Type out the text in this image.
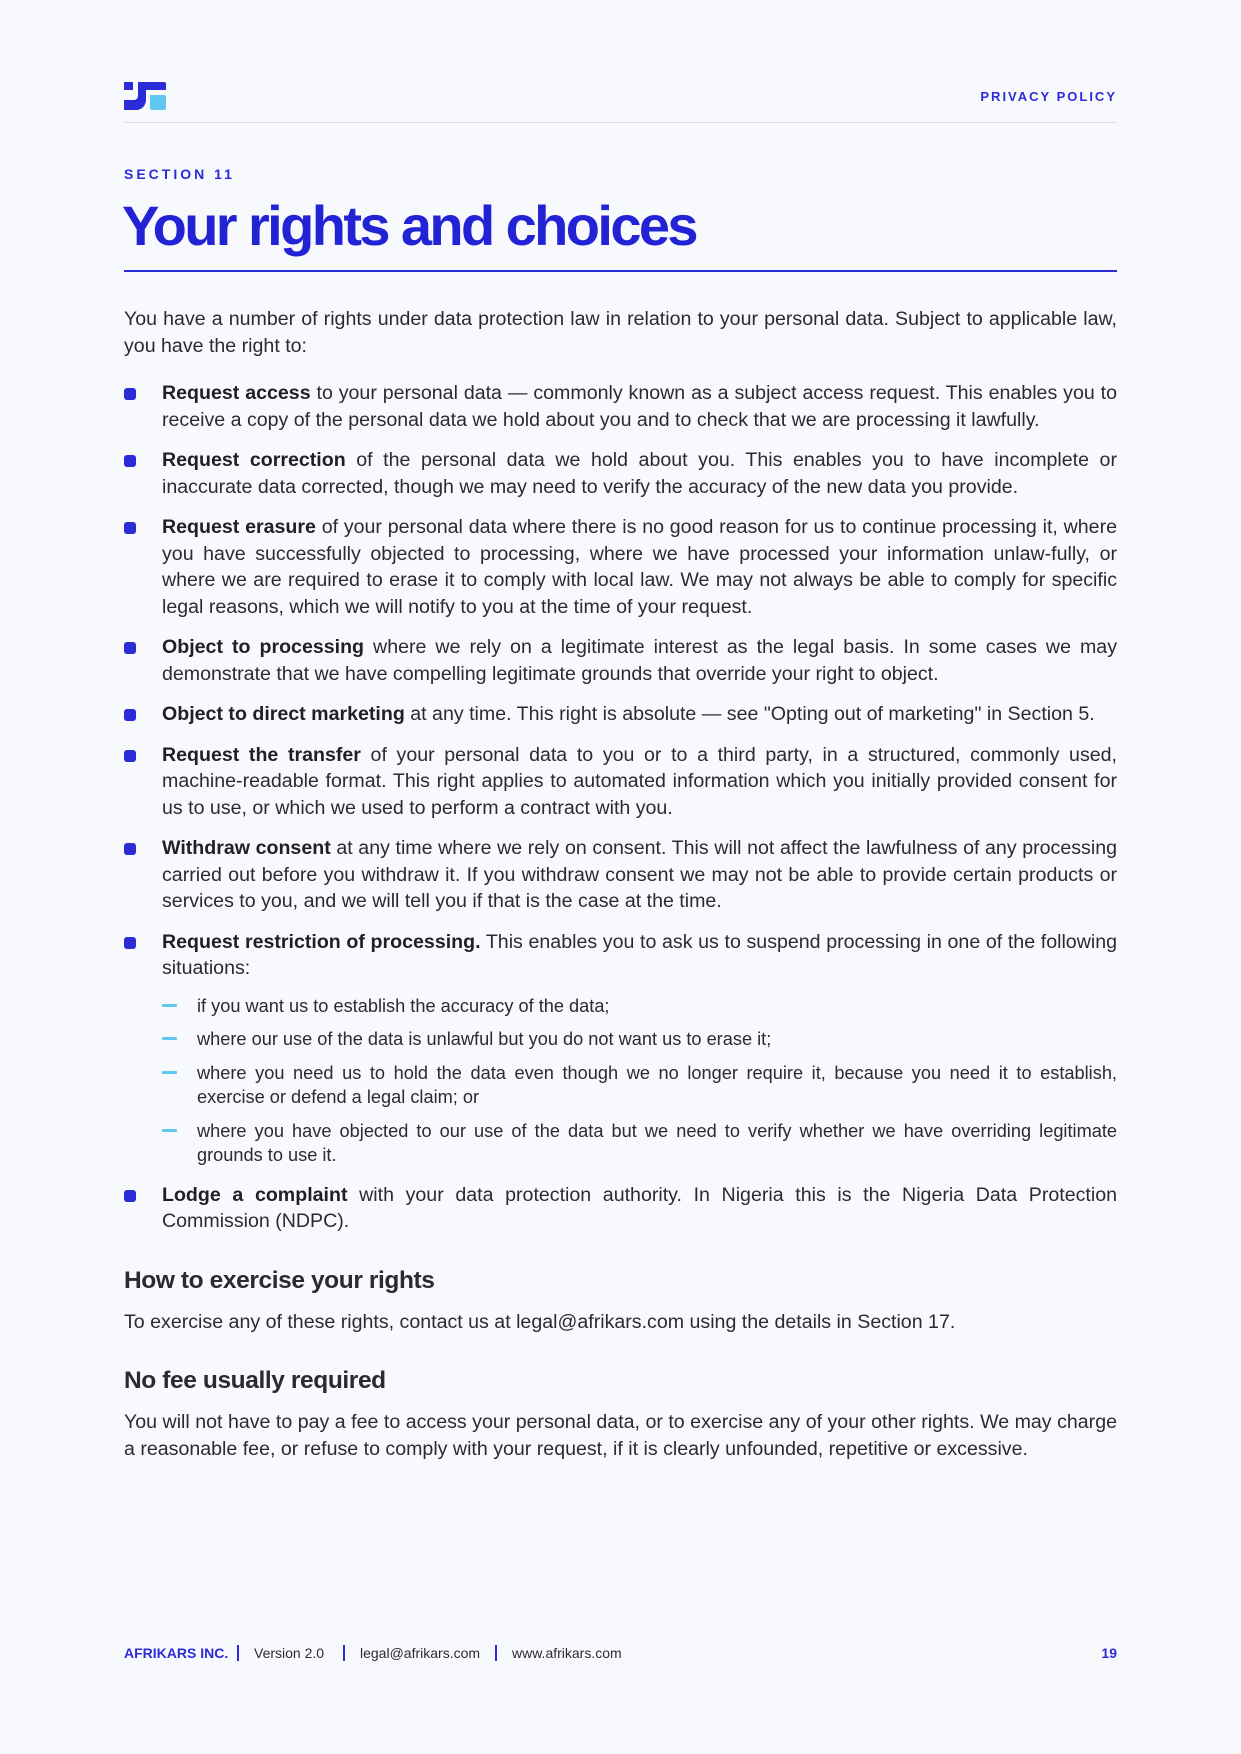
PRIVACY POLICY
SECTION 11
Your rights and choices

You have a number of rights under data protection law in relation to your personal data. Subject to applicable law, you have the right to:

Request access to your personal data — commonly known as a subject access request. This enables you to receive a copy of the personal data we hold about you and to check that we are processing it lawfully.
Request correction of the personal data we hold about you. This enables you to have incomplete or inaccurate data corrected, though we may need to verify the accuracy of the new data you provide.
Request erasure of your personal data where there is no good reason for us to continue processing it, where you have successfully objected to processing, where we have processed your information unlaw-fully, or where we are required to erase it to comply with local law. We may not always be able to comply for specific legal reasons, which we will notify to you at the time of your request.
Object to processing where we rely on a legitimate interest as the legal basis. In some cases we may demonstrate that we have compelling legitimate grounds that override your right to object.
Object to direct marketing at any time. This right is absolute — see "Opting out of marketing" in Section 5.
Request the transfer of your personal data to you or to a third party, in a structured, commonly used, machine-readable format. This right applies to automated information which you initially provided consent for us to use, or which we used to perform a contract with you.
Withdraw consent at any time where we rely on consent. This will not affect the lawfulness of any processing carried out before you withdraw it. If you withdraw consent we may not be able to provide certain products or services to you, and we will tell you if that is the case at the time.
Request restriction of processing. This enables you to ask us to suspend processing in one of the following situations:
if you want us to establish the accuracy of the data;
where our use of the data is unlawful but you do not want us to erase it;
where you need us to hold the data even though we no longer require it, because you need it to establish, exercise or defend a legal claim; or
where you have objected to our use of the data but we need to verify whether we have overriding legitimate grounds to use it.
Lodge a complaint with your data protection authority. In Nigeria this is the Nigeria Data Protection Commission (NDPC).
How to exercise your rights

To exercise any of these rights, contact us at legal@afrikars.com using the details in Section 17.

No fee usually required

You will not have to pay a fee to access your personal data, or to exercise any of your other rights. We may charge a reasonable fee, or refuse to comply with your request, if it is clearly unfounded, repetitive or excessive.

AFRIKARS INC. Version 2.0	legal@afrikars.com www.afrikars.com	19
